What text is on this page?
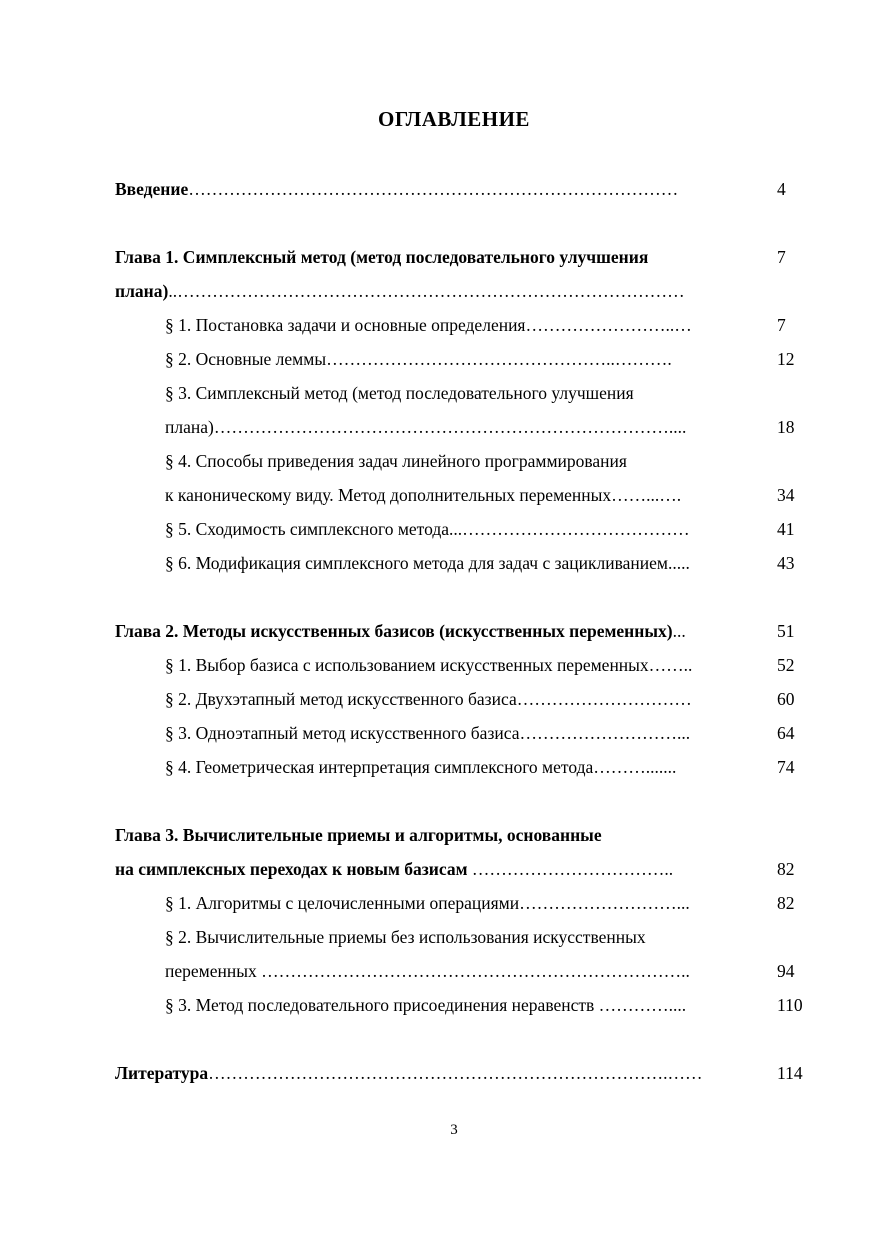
ОГЛАВЛЕНИЕ
Введение…………………………………………………………………………	4
Глава 1. Симплексный метод (метод последовательного улучшения	7
плана)..……………………………………………………………………………
§ 1. Постановка задачи и основные определения……………………..…	7
§ 2. Основные леммы…………………………………………..……….	12
§ 3. Симплексный метод (метод последовательного улучшения
плана)……………………………………………………………………....	18
§ 4. Способы приведения задач линейного программирования
к каноническому виду. Метод дополнительных переменных……...….	34
§ 5. Сходимость симплексного метода...…………………………………	41
§ 6. Модификация симплексного метода для задач с зацикливанием.....	43
Глава 2. Методы искусственных базисов (искусственных переменных)...	51
§ 1. Выбор базиса с использованием искусственных переменных……..	52
§ 2. Двухэтапный метод искусственного базиса…………………………	60
§ 3. Одноэтапный метод искусственного базиса………………………...	64
§ 4. Геометрическая интерпретация симплексного метода……….......	74
Глава 3. Вычислительные приемы и алгоритмы, основанные
на симплексных переходах к новым базисам ……………………………..	82
§ 1. Алгоритмы с целочисленными операциями………………………...	82
§ 2. Вычислительные приемы без использования искусственных
переменных ………………………………………………………………..	94
§ 3. Метод последовательного присоединения неравенств …………....	110
Литература…………………………………………………………………….……	114
3
